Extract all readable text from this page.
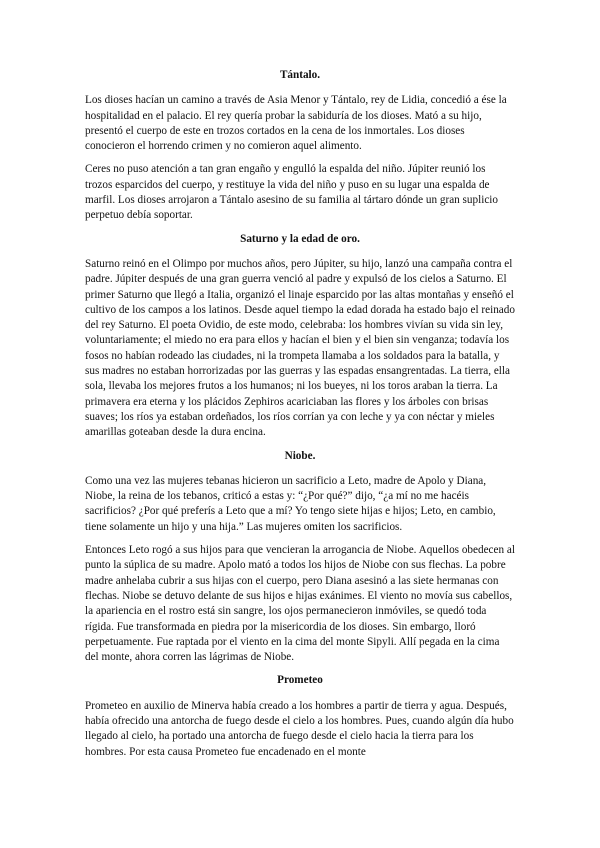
Tántalo.

Los dioses hacían un camino a través de Asia Menor y Tántalo, rey de Lidia, concedió a ése la hospitalidad en el palacio. El rey quería probar la sabiduría de los dioses. Mató a su hijo, presentó el cuerpo de este en trozos cortados en la cena de los inmortales. Los dioses conocieron el horrendo crimen y no comieron aquel alimento.

Ceres no puso atención a tan gran engaño y engulló la espalda del niño. Júpiter reunió los trozos esparcidos del cuerpo, y restituye la vida del niño y puso en su lugar una espalda de marfil. Los dioses arrojaron a Tántalo asesino de su familia al tártaro dónde un gran suplicio perpetuo debía soportar.

Saturno y la edad de oro.

Saturno reinó en el Olimpo por muchos años, pero Júpiter, su hijo, lanzó una campaña contra el padre. Júpiter después de una gran guerra venció al padre y expulsó de los cielos a Saturno. El primer Saturno que llegó a Italia, organizó el linaje esparcido por las altas montañas y enseñó el cultivo de los campos a los latinos. Desde aquel tiempo la edad dorada ha estado bajo el reinado del rey Saturno. El poeta Ovidio, de este modo, celebraba: los hombres vivían su vida sin ley, voluntariamente; el miedo no era para ellos y hacían el bien y el bien sin venganza; todavía los fosos no habían rodeado las ciudades, ni la trompeta llamaba a los soldados para la batalla, y sus madres no estaban horrorizadas por las guerras y las espadas ensangrentadas. La tierra, ella sola, llevaba los mejores frutos a los humanos; ni los bueyes, ni los toros araban la tierra. La primavera era eterna y los plácidos Zephiros acariciaban las flores y los árboles con brisas suaves; los ríos ya estaban ordeñados, los ríos corrían ya con leche y ya con néctar y mieles amarillas goteaban desde la dura encina.

Niobe.

Como una vez las mujeres tebanas hicieron un sacrificio a Leto, madre de Apolo y Diana, Niobe, la reina de los tebanos, criticó a estas y: “¿Por qué?” dijo, “¿a mí no me hacéis sacrificios? ¿Por qué preferís a Leto que a mí? Yo tengo siete hijas e hijos; Leto, en cambio, tiene solamente un hijo y una hija.” Las mujeres omiten los sacrificios.

Entonces Leto rogó a sus hijos para que vencieran la arrogancia de Niobe. Aquellos obedecen al punto la súplica de su madre. Apolo mató a todos los hijos de Niobe con sus flechas. La pobre madre anhelaba cubrir a sus hijas con el cuerpo, pero Diana asesinó a las siete hermanas con flechas. Niobe se detuvo delante de sus hijos e hijas exánimes. El viento no movía sus cabellos, la apariencia en el rostro está sin sangre, los ojos permanecieron inmóviles, se quedó toda rígida. Fue transformada en piedra por la misericordia de los dioses. Sin embargo, lloró perpetuamente. Fue raptada por el viento en la cima del monte Sipyli. Allí pegada en la cima del monte, ahora corren las lágrimas de Niobe.

Prometeo

Prometeo en auxilio de Minerva había creado a los hombres a partir de tierra y agua. Después, había ofrecido una antorcha de fuego desde el cielo a los hombres. Pues, cuando algún día hubo llegado al cielo, ha portado una antorcha de fuego desde el cielo hacia la tierra para los hombres. Por esta causa Prometeo fue encadenado en el monte
